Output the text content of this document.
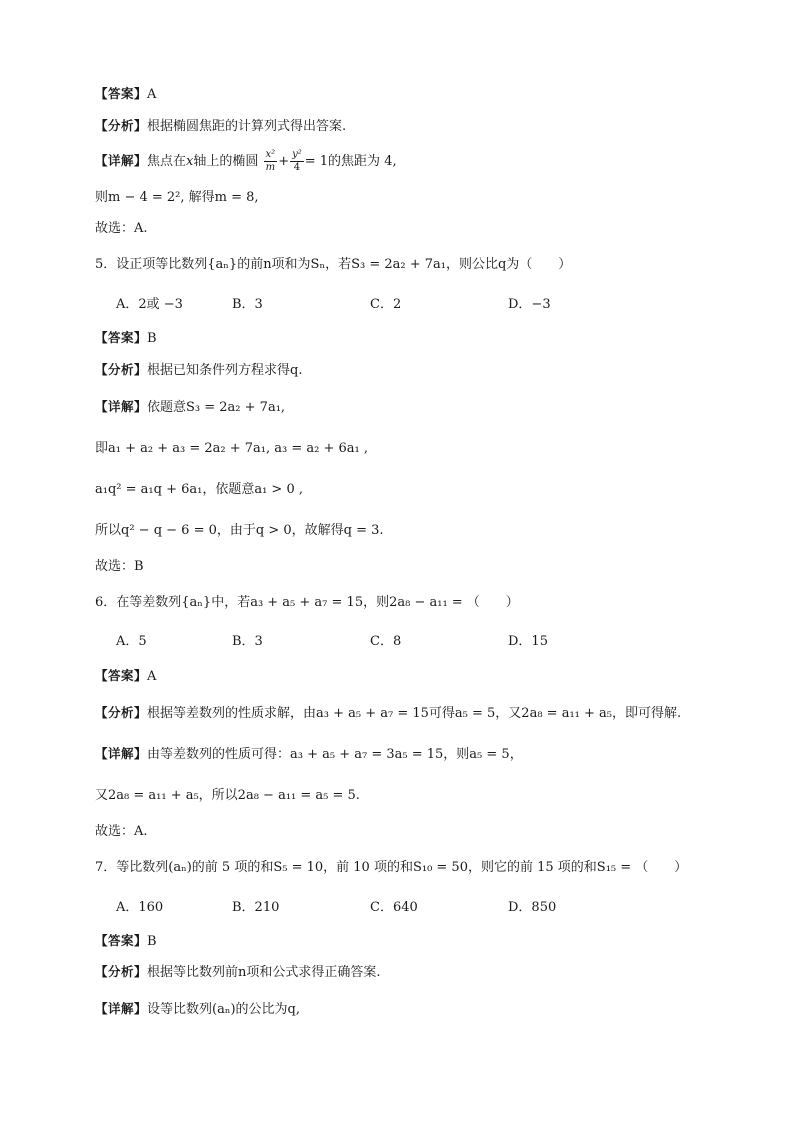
【答案】A
【分析】根据椭圆焦距的计算列式得出答案.
【详解】焦点在x轴上的椭圆 $\frac{\text{x²}}{m} + \frac{\text{y²}}{4} = 1$的焦距为 4,
则m − 4 = 2², 解得m = 8,
故选：A.
5．设正项等比数列{aₙ}的前n项和为Sₙ，若S₃ = 2a₂ + 7a₁，则公比q为（　　）
A．2或 −3	B．3	C．2	D．−3
【答案】B
【分析】根据已知条件列方程求得q.
【详解】依题意S₃ = 2a₂ + 7a₁,
即a₁ + a₂ + a₃ = 2a₂ + 7a₁, a₃ = a₂ + 6a₁ ,
a₁q² = a₁q + 6a₁，依题意a₁ > 0 ,
所以q² − q − 6 = 0，由于q > 0，故解得q = 3.
故选：B
6．在等差数列{aₙ}中，若a₃ + a₅ + a₇ = 15，则2a₈ − a₁₁ = （　　）
A．5	B．3	C．8	D．15
【答案】A
【分析】根据等差数列的性质求解，由a₃ + a₅ + a₇ = 15可得a₅ = 5，又2a₈ = a₁₁ + a₅，即可得解.
【详解】由等差数列的性质可得：a₃ + a₅ + a₇ = 3a₅ = 15，则a₅ = 5，
又2a₈ = a₁₁ + a₅，所以2a₈ − a₁₁ = a₅ = 5.
故选：A.
7．等比数列(aₙ)的前 5 项的和S₅ = 10，前 10 项的和S₁₀ = 50，则它的前 15 项的和S₁₅ = （　　）
A．160	B．210	C．640	D．850
【答案】B
【分析】根据等比数列前n项和公式求得正确答案.
【详解】设等比数列(aₙ)的公比为q,
